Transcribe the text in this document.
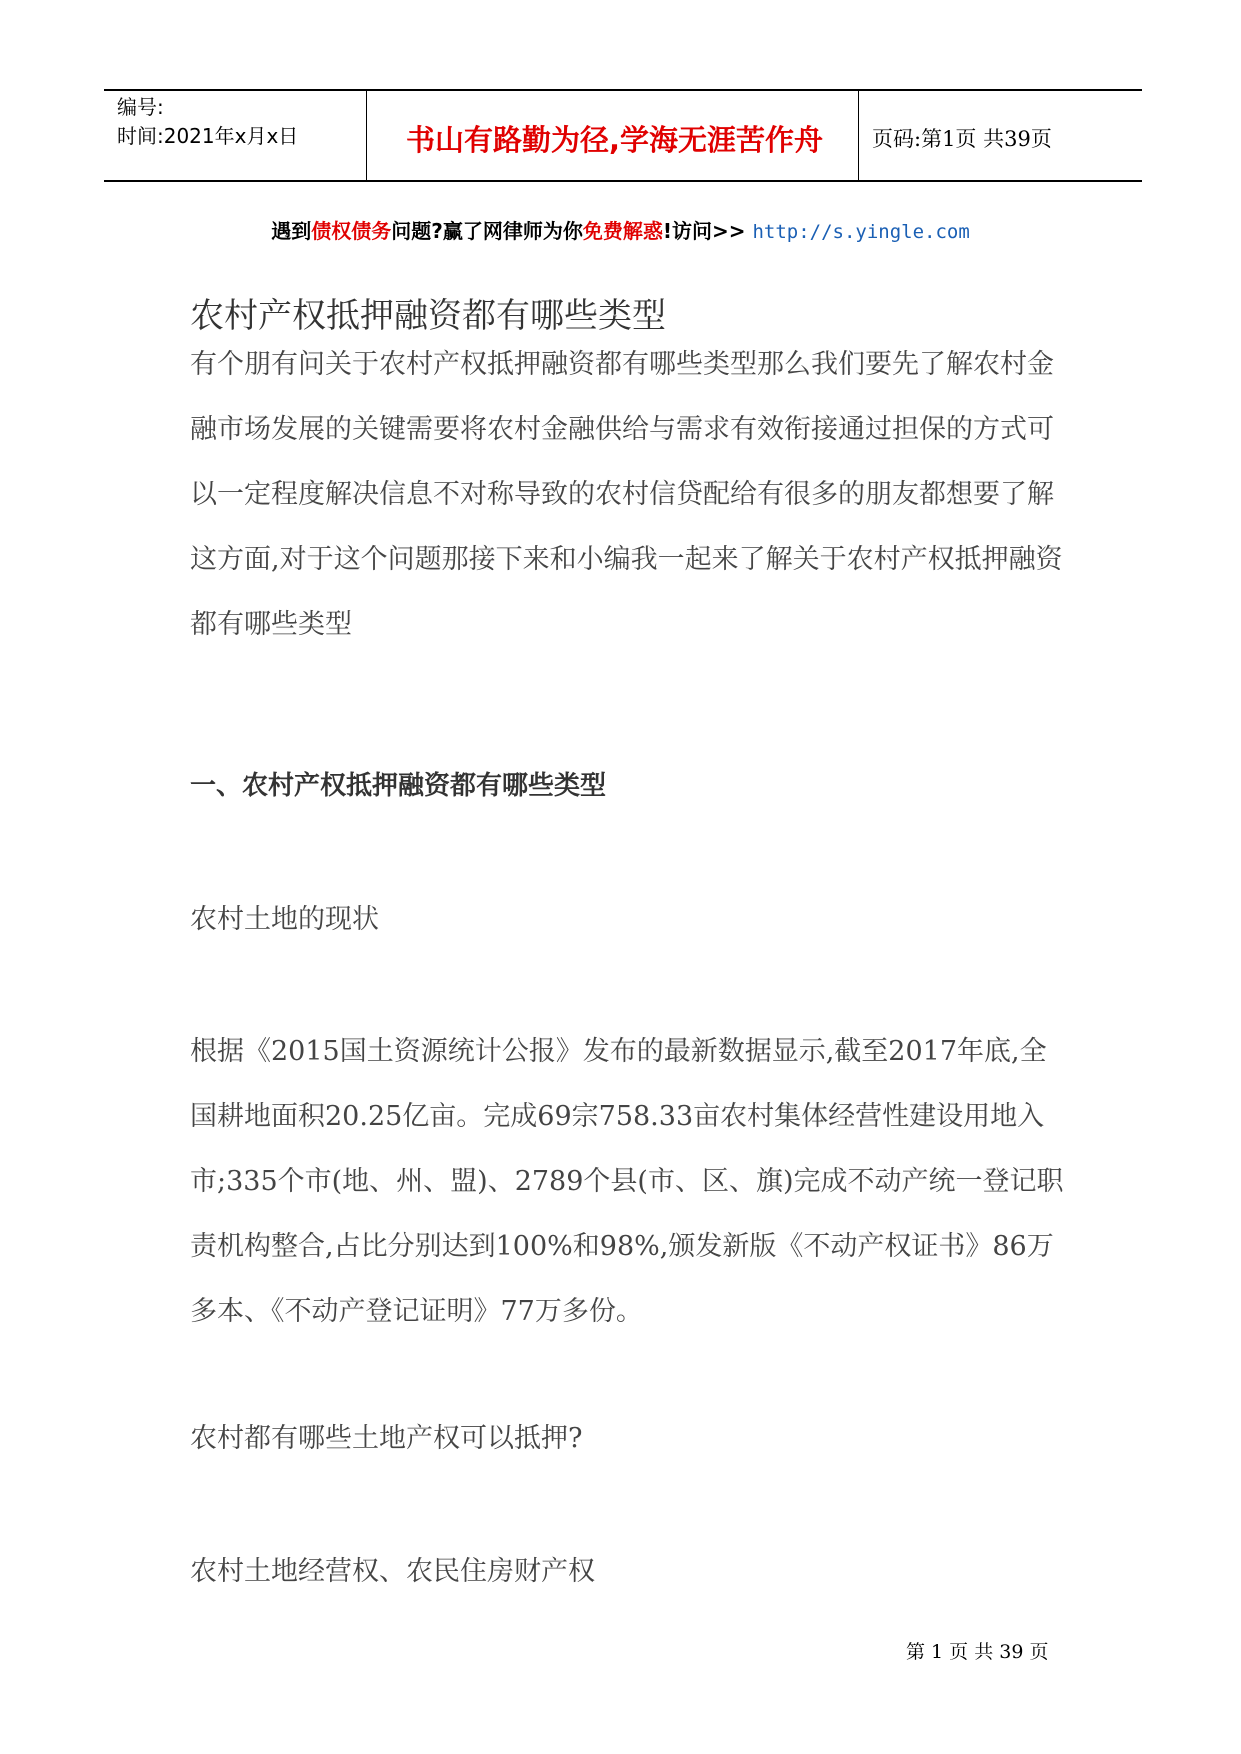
编号:
时间:2021年x月x日	书山有路勤为径,学海无涯苦作舟	页码:第1页 共39页
遇到债权债务问题?赢了网律师为你免费解惑!访问>> http://s.yingle.com
农村产权抵押融资都有哪些类型

有个朋有问关于农村产权抵押融资都有哪些类型那么我们要先了解农村金融市场发展的关键需要将农村金融供给与需求有效衔接通过担保的方式可以一定程度解决信息不对称导致的农村信贷配给有很多的朋友都想要了解这方面,对于这个问题那接下来和小编我一起来了解关于农村产权抵押融资都有哪些类型

一、农村产权抵押融资都有哪些类型
农村土地的现状

根据《2015国土资源统计公报》发布的最新数据显示,截至2017年底,全国耕地面积20.25亿亩。完成69宗758.33亩农村集体经营性建设用地入市;335个市(地、州、盟)、2789个县(市、区、旗)完成不动产统一登记职责机构整合,占比分别达到100%和98%,颁发新版《不动产权证书》86万多本、《不动产登记证明》77万多份。

农村都有哪些土地产权可以抵押?
农村土地经营权、农民住房财产权
第 1 页 共 39 页
